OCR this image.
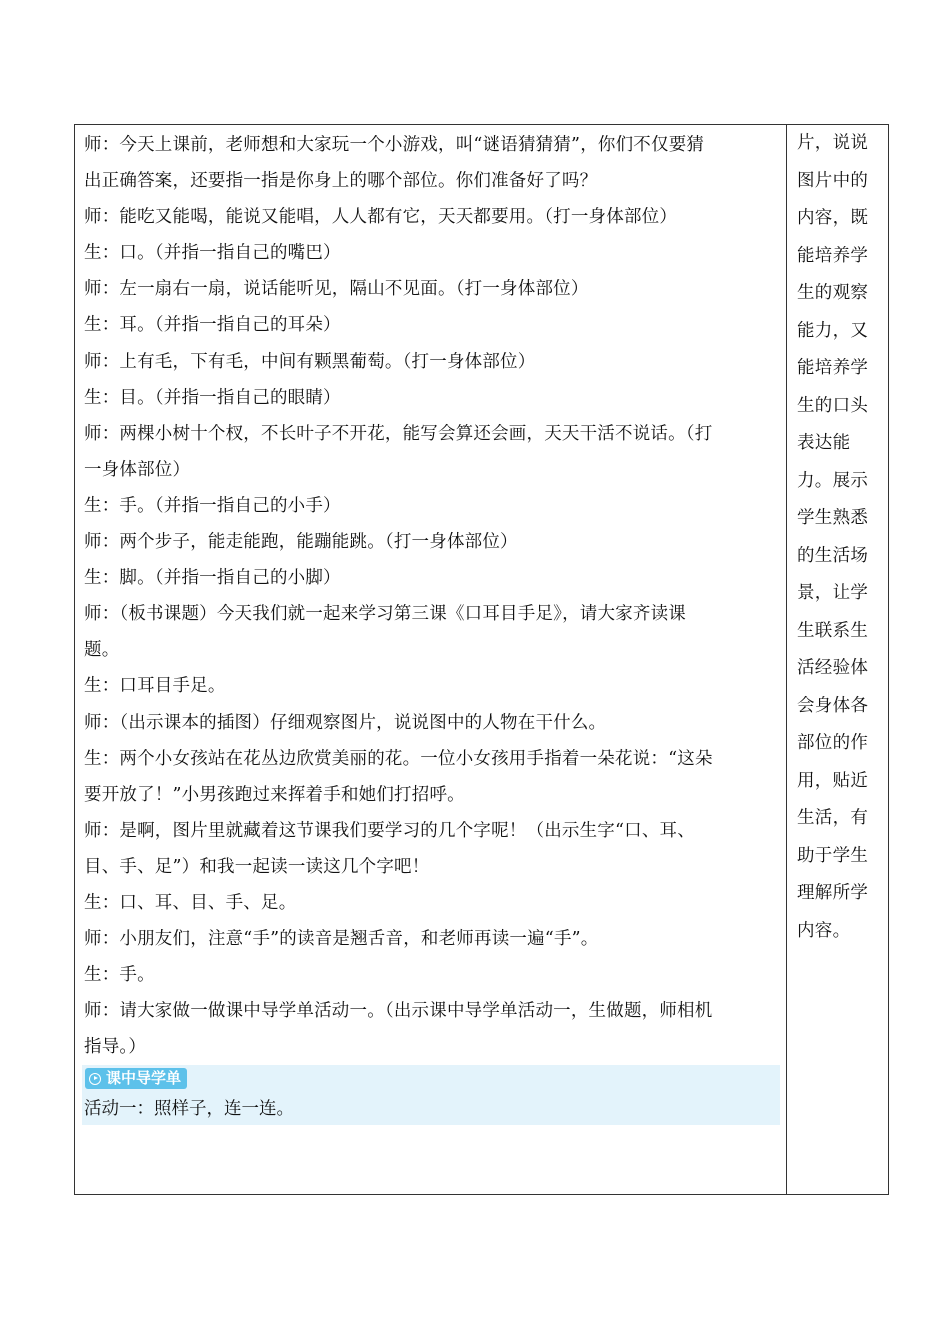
师：今天上课前，老师想和大家玩一个小游戏，叫“谜语猜猜猜”，你们不仅要猜
出正确答案，还要指一指是你身上的哪个部位。你们准备好了吗？
师：能吃又能喝，能说又能唱，人人都有它，天天都要用。（打一身体部位）
生：口。（并指一指自己的嘴巴）
师：左一扇右一扇，说话能听见，隔山不见面。（打一身体部位）
生：耳。（并指一指自己的耳朵）
师：上有毛，下有毛，中间有颗黑葡萄。（打一身体部位）
生：目。（并指一指自己的眼睛）
师：两棵小树十个杈，不长叶子不开花，能写会算还会画，天天干活不说话。（打
一身体部位）
生：手。（并指一指自己的小手）
师：两个步子，能走能跑，能蹦能跳。（打一身体部位）
生：脚。（并指一指自己的小脚）
师：（板书课题）今天我们就一起来学习第三课《口耳目手足》，请大家齐读课
题。
生：口耳目手足。
师：（出示课本的插图）仔细观察图片，说说图中的人物在干什么。
生：两个小女孩站在花丛边欣赏美丽的花。一位小女孩用手指着一朵花说：“这朵
要开放了！”小男孩跑过来挥着手和她们打招呼。
师：是啊，图片里就藏着这节课我们要学习的几个字呢！（出示生字“口、耳、
目、手、足”）和我一起读一读这几个字吧！
生：口、耳、目、手、足。
师：小朋友们，注意“手”的读音是翘舌音，和老师再读一遍“手”。
生：手。
师：请大家做一做课中导学单活动一。（出示课中导学单活动一，生做题，师相机
指导。）
课中导学单
活动一：照样子，连一连。
片，说说
图片中的
内容，既
能培养学
生的观察
能力，又
能培养学
生的口头
表达能
力。展示
学生熟悉
的生活场
景，让学
生联系生
活经验体
会身体各
部位的作
用，贴近
生活，有
助于学生
理解所学
内容。
